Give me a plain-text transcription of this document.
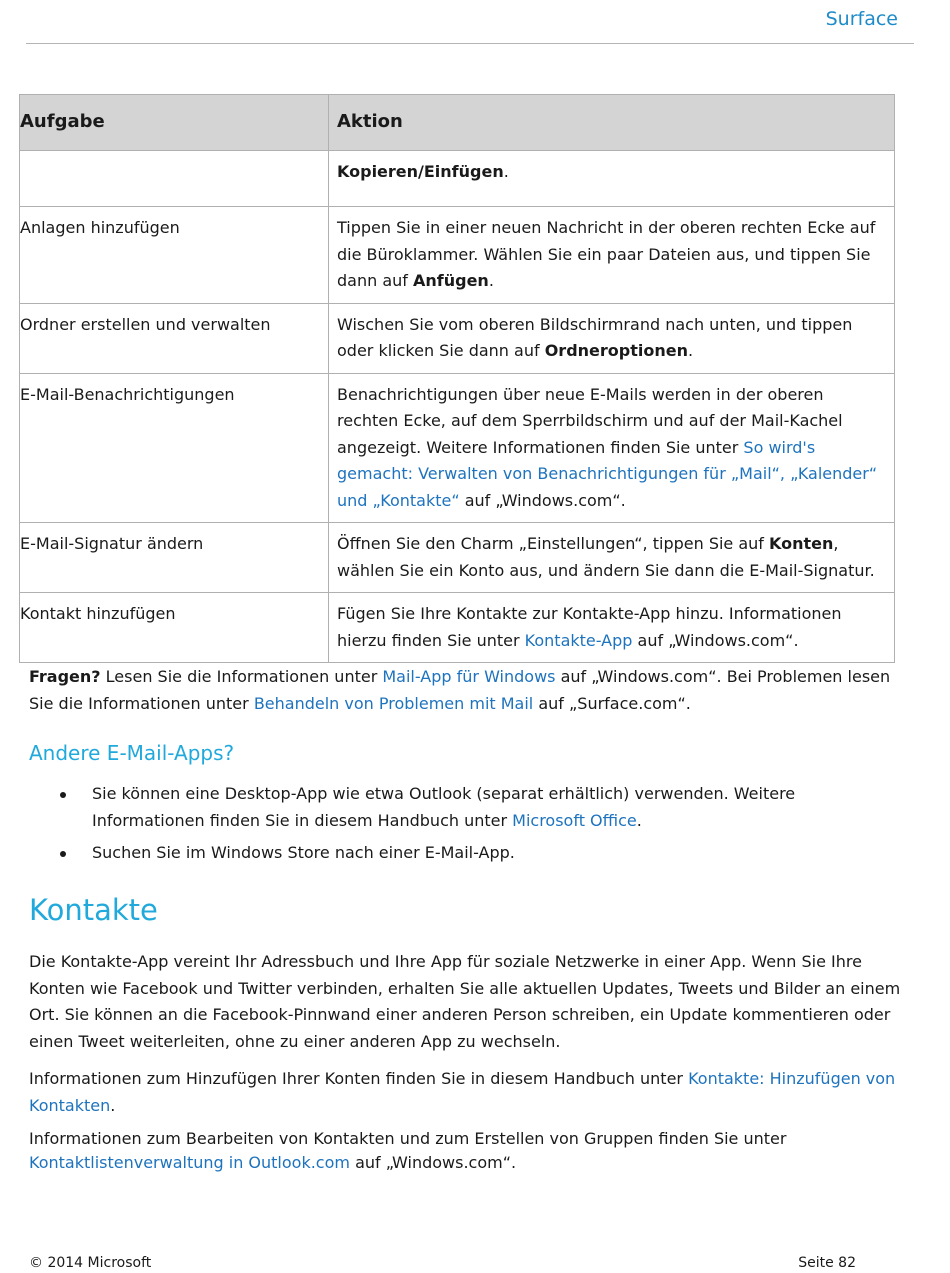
Surface
Aufgabe	Aktion
	Kopieren/Einfügen.
Anlagen hinzufügen	Tippen Sie in einer neuen Nachricht in der oberen rechten Ecke auf die Büroklammer. Wählen Sie ein paar Dateien aus, und tippen Sie dann auf Anfügen.
Ordner erstellen und verwalten	Wischen Sie vom oberen Bildschirmrand nach unten, und tippen oder klicken Sie dann auf Ordneroptionen.
E-Mail-Benachrichtigungen	Benachrichtigungen über neue E-Mails werden in der oberen rechten Ecke, auf dem Sperrbildschirm und auf der Mail-Kachel angezeigt. Weitere Informationen finden Sie unter So wird's gemacht: Verwalten von Benachrichtigungen für „Mail“, „Kalender“ und „Kontakte“ auf „Windows.com“.
E-Mail-Signatur ändern	Öffnen Sie den Charm „Einstellungen“, tippen Sie auf Konten, wählen Sie ein Konto aus, und ändern Sie dann die E-Mail-Signatur.
Kontakt hinzufügen	Fügen Sie Ihre Kontakte zur Kontakte-App hinzu. Informationen hierzu finden Sie unter Kontakte-App auf „Windows.com“.

Fragen? Lesen Sie die Informationen unter Mail-App für Windows auf „Windows.com“. Bei Problemen lesen Sie die Informationen unter Behandeln von Problemen mit Mail auf „Surface.com“.

Andere E-Mail-Apps?
Sie können eine Desktop-App wie etwa Outlook (separat erhältlich) verwenden. Weitere Informationen finden Sie in diesem Handbuch unter Microsoft Office.
Suchen Sie im Windows Store nach einer E-Mail-App.
Kontakte

Die Kontakte-App vereint Ihr Adressbuch und Ihre App für soziale Netzwerke in einer App. Wenn Sie Ihre Konten wie Facebook und Twitter verbinden, erhalten Sie alle aktuellen Updates, Tweets und Bilder an einem Ort. Sie können an die Facebook-Pinnwand einer anderen Person schreiben, ein Update kommentieren oder einen Tweet weiterleiten, ohne zu einer anderen App zu wechseln.

Informationen zum Hinzufügen Ihrer Konten finden Sie in diesem Handbuch unter Kontakte: Hinzufügen von Kontakten.

Informationen zum Bearbeiten von Kontakten und zum Erstellen von Gruppen finden Sie unter
Kontaktlistenverwaltung in Outlook.com auf „Windows.com“.

© 2014 Microsoft	Seite 82
